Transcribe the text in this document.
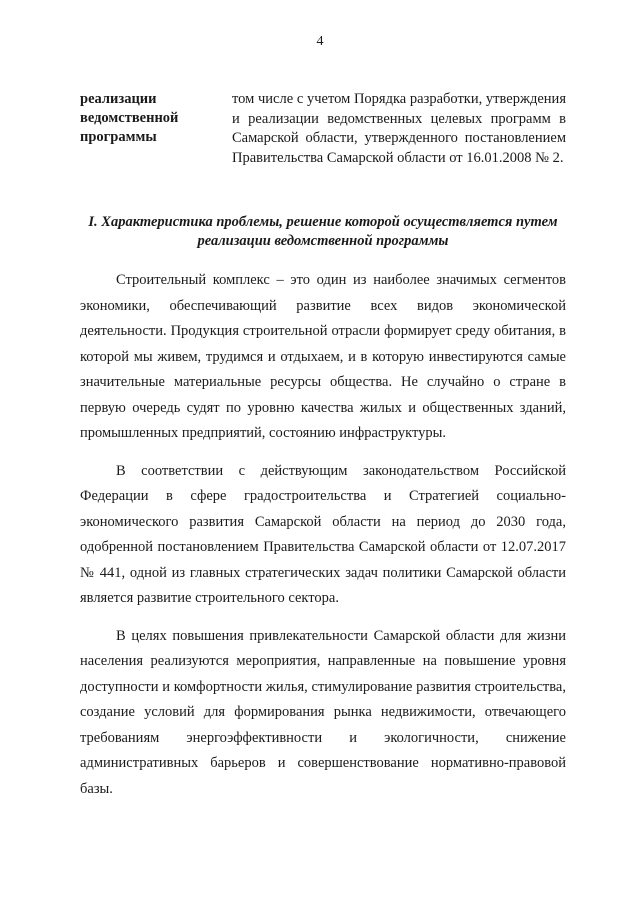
4
реализации ведомственной программы
том числе с учетом Порядка разработки, утверждения и реализации ведомственных целевых программ в Самарской области, утвержденного постановлением Правительства Самарской области от 16.01.2008 № 2.
I. Характеристика проблемы, решение которой осуществляется путем реализации ведомственной программы

Строительный комплекс – это один из наиболее значимых сегментов экономики, обеспечивающий развитие всех видов экономической деятельности. Продукция строительной отрасли формирует среду обитания, в которой мы живем, трудимся и отдыхаем, и в которую инвестируются самые значительные материальные ресурсы общества. Не случайно о стране в первую очередь судят по уровню качества жилых и общественных зданий, промышленных предприятий, состоянию инфраструктуры.

В соответствии с действующим законодательством Российской Федерации в сфере градостроительства и Стратегией социально-экономического развития Самарской области на период до 2030 года, одобренной постановлением Правительства Самарской области от 12.07.2017 № 441, одной из главных стратегических задач политики Самарской области является развитие строительного сектора.

В целях повышения привлекательности Самарской области для жизни населения реализуются мероприятия, направленные на повышение уровня доступности и комфортности жилья, стимулирование развития строительства, создание условий для формирования рынка недвижимости, отвечающего требованиям энергоэффективности и экологичности, снижение административных барьеров и совершенствование нормативно-правовой базы.
